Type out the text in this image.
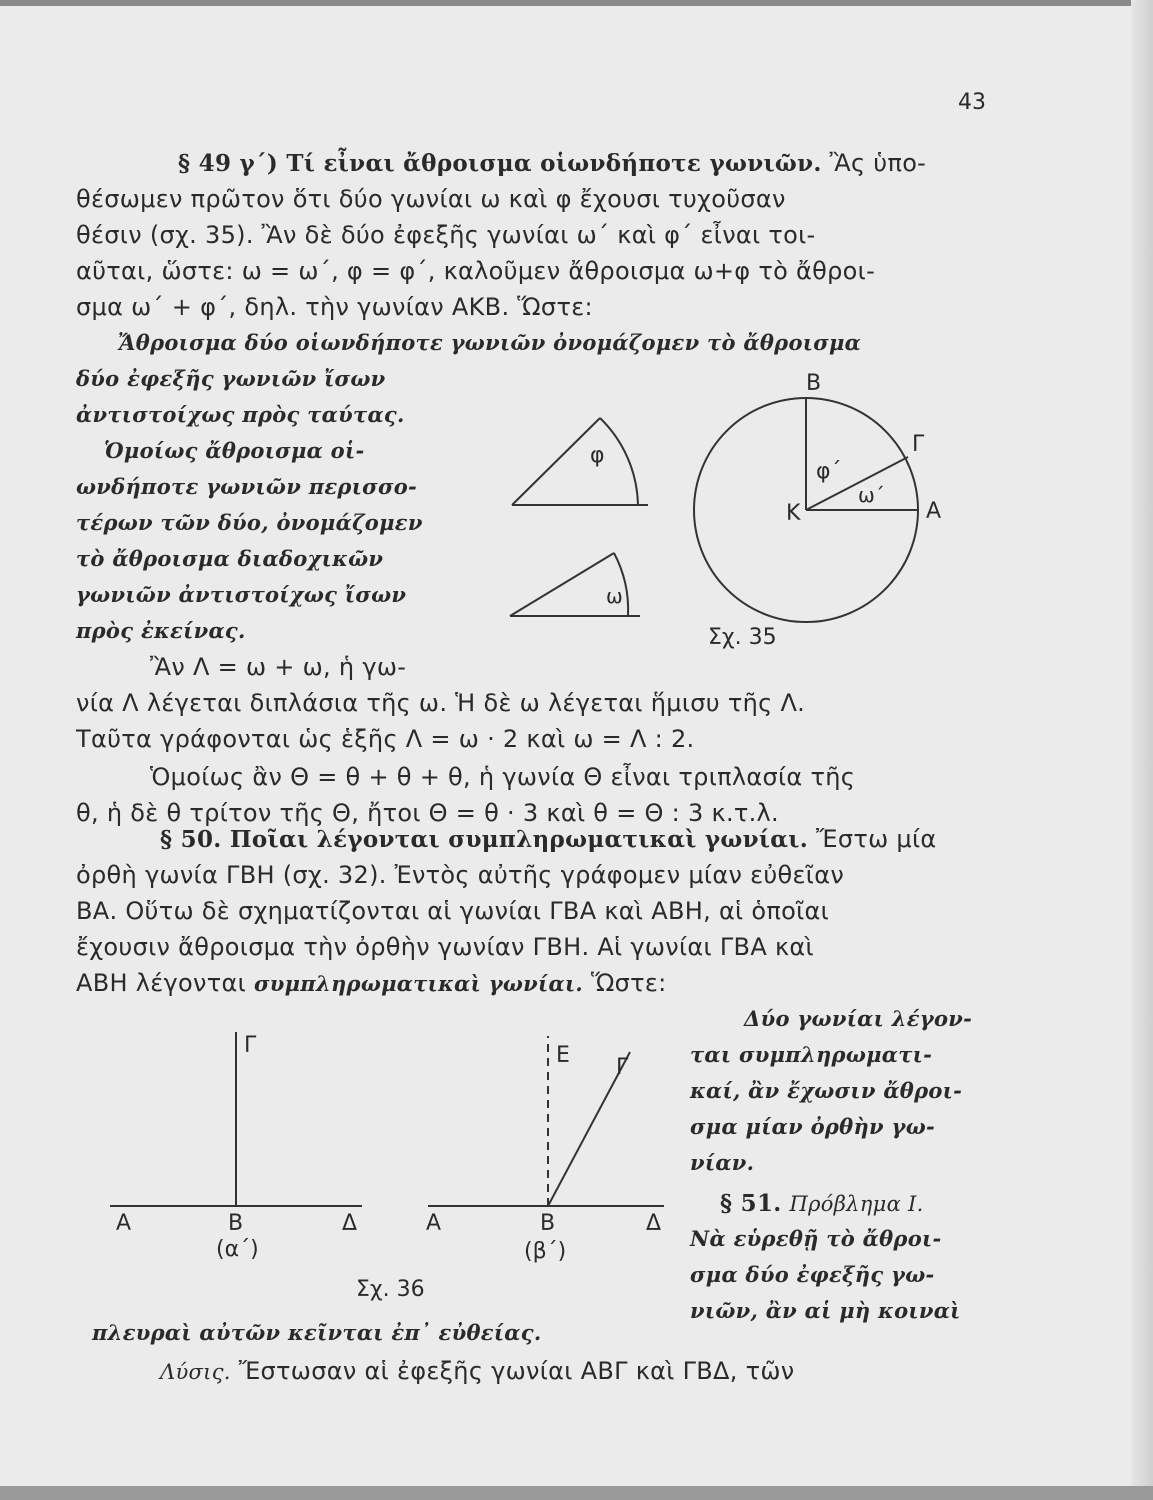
43
§ 49 γ΄) Τί εἶναι ἄθροισμα οἱωνδήποτε γωνιῶν. Ἂς ὑπο-
θέσωμεν πρῶτον ὅτι δύο γωνίαι ω καὶ φ ἔχουσι τυχοῦσαν
θέσιν (σχ. 35). Ἂν δὲ δύο ἐφεξῆς γωνίαι ω΄ καὶ φ΄ εἶναι τοι-
αῦται, ὥστε: ω = ω΄, φ = φ΄, καλοῦμεν ἄθροισμα ω+φ τὸ ἄθροι-
σμα ω΄ + φ΄, δηλ. τὴν γωνίαν ΑΚΒ. Ὥστε:
Ἄθροισμα δύο οἱωνδήποτε γωνιῶν ὀνομάζομεν τὸ ἄθροισμα
δύο ἐφεξῆς γωνιῶν ἴσων
ἀντιστοίχως πρὸς ταύτας.
Ὁμοίως ἄθροισμα οἱ-
ωνδήποτε γωνιῶν περισσο-
τέρων τῶν δύο, ὀνομάζομεν
τὸ ἄθροισμα διαδοχικῶν
γωνιῶν ἀντιστοίχως ἴσων
πρὸς ἐκείνας.
Ἂν Λ = ω + ω, ἡ γω-
νία Λ λέγεται διπλάσια τῆς ω. Ἡ δὲ ω λέγεται ἥμισυ τῆς Λ.
Ταῦτα γράφονται ὡς ἑξῆς Λ = ω · 2 καὶ ω = Λ : 2.
Ὁμοίως ἂν Θ = θ + θ + θ, ἡ γωνία Θ εἶναι τριπλασία τῆς
θ, ἡ δὲ θ τρίτον τῆς Θ, ἤτοι Θ = θ · 3 καὶ θ = Θ : 3 κ.τ.λ.
φ
ω
Β
Γ
φ΄
ω΄
Κ	Α
Σχ. 35
§ 50. Ποῖαι λέγονται συμπληρωματικαὶ γωνίαι. Ἔστω μία
ὀρθὴ γωνία ΓΒΗ (σχ. 32). Ἐντὸς αὐτῆς γράφομεν μίαν εὐθεῖαν
ΒΑ. Οὕτω δὲ σχηματίζονται αἱ γωνίαι ΓΒΑ καὶ ΑΒΗ, αἱ ὁποῖαι
ἔχουσιν ἄθροισμα τὴν ὀρθὴν γωνίαν ΓΒΗ. Αἱ γωνίαι ΓΒΑ καὶ
ΑΒΗ λέγονται συμπληρωματικαὶ γωνίαι. Ὥστε:
Δύο γωνίαι λέγον-
ται συμπληρωματι-
καί, ἂν ἔχωσιν ἄθροι-
σμα μίαν ὀρθὴν γω-
νίαν.
Γ
Α	Β	Δ
(α΄)
Ε Γ
Α	Β	Δ
(β΄)
Σχ. 36
§ 51. Πρόβλημα Ι.
Νὰ εὑρεθῇ τὸ ἄθροι-
σμα δύο ἐφεξῆς γω-
νιῶν, ἂν αἱ μὴ κοιναὶ
πλευραὶ αὐτῶν κεῖνται ἐπ᾽ εὐθείας.
Λύσις. Ἔστωσαν αἱ ἐφεξῆς γωνίαι ΑΒΓ καὶ ΓΒΔ, τῶν
